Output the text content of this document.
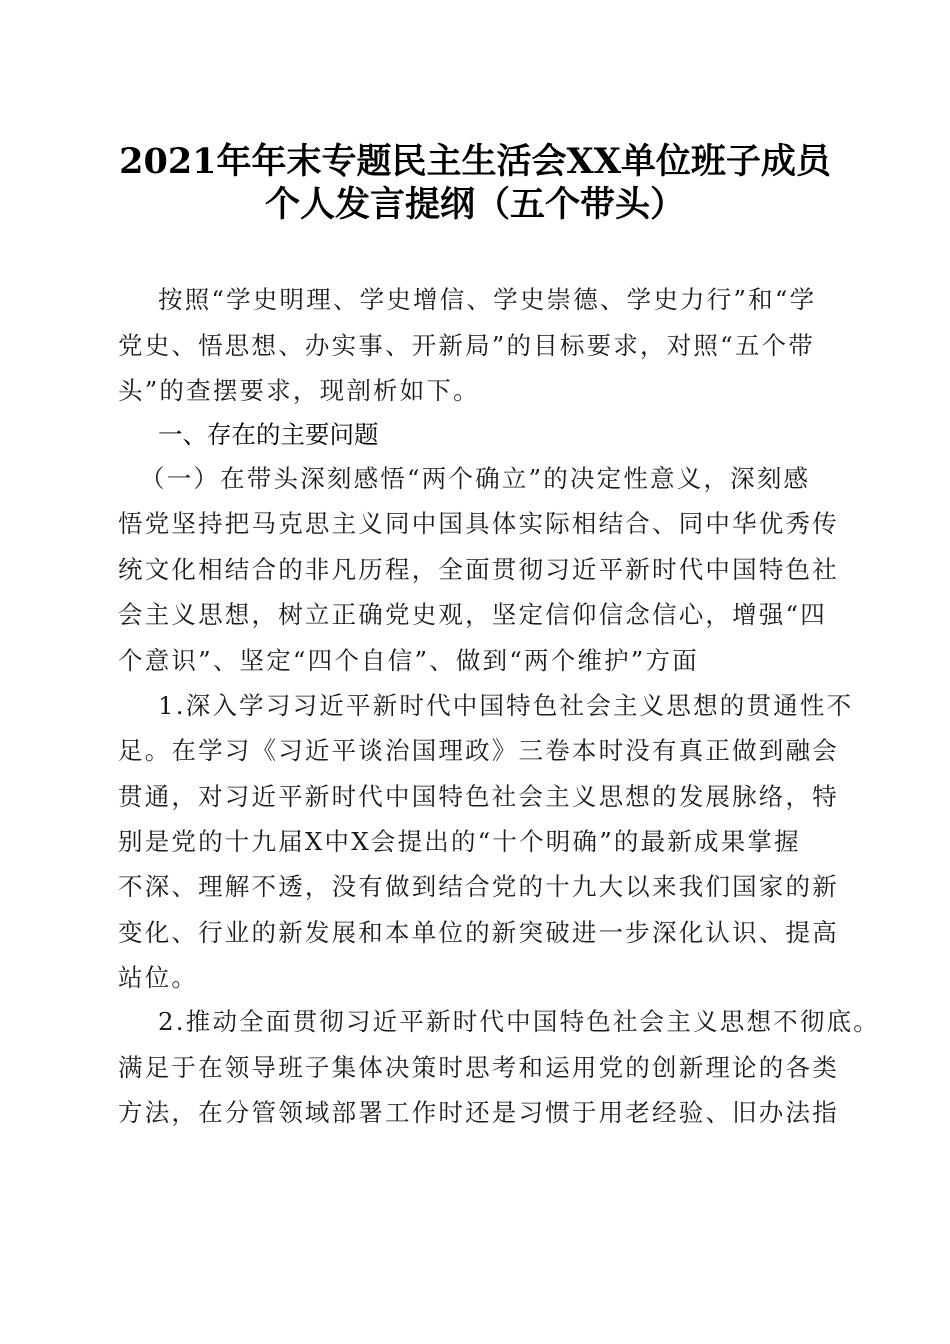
2021年年末专题民主生活会XX单位班子成员
个人发言提纲（五个带头）
按照“学史明理、学史增信、学史崇德、学史力行”和“学
党史、悟思想、办实事、开新局”的目标要求，对照“五个带
头”的查摆要求，现剖析如下。
一、存在的主要问题
（一）在带头深刻感悟“两个确立”的决定性意义，深刻感
悟党坚持把马克思主义同中国具体实际相结合、同中华优秀传
统文化相结合的非凡历程，全面贯彻习近平新时代中国特色社
会主义思想，树立正确党史观，坚定信仰信念信心，增强“四
个意识”、坚定“四个自信”、做到“两个维护”方面
1.深入学习习近平新时代中国特色社会主义思想的贯通性不
足。在学习《习近平谈治国理政》三卷本时没有真正做到融会
贯通，对习近平新时代中国特色社会主义思想的发展脉络，特
别是党的十九届X中X会提出的“十个明确”的最新成果掌握
不深、理解不透，没有做到结合党的十九大以来我们国家的新
变化、行业的新发展和本单位的新突破进一步深化认识、提高
站位。
2.推动全面贯彻习近平新时代中国特色社会主义思想不彻底。
满足于在领导班子集体决策时思考和运用党的创新理论的各类
方法，在分管领域部署工作时还是习惯于用老经验、旧办法指
